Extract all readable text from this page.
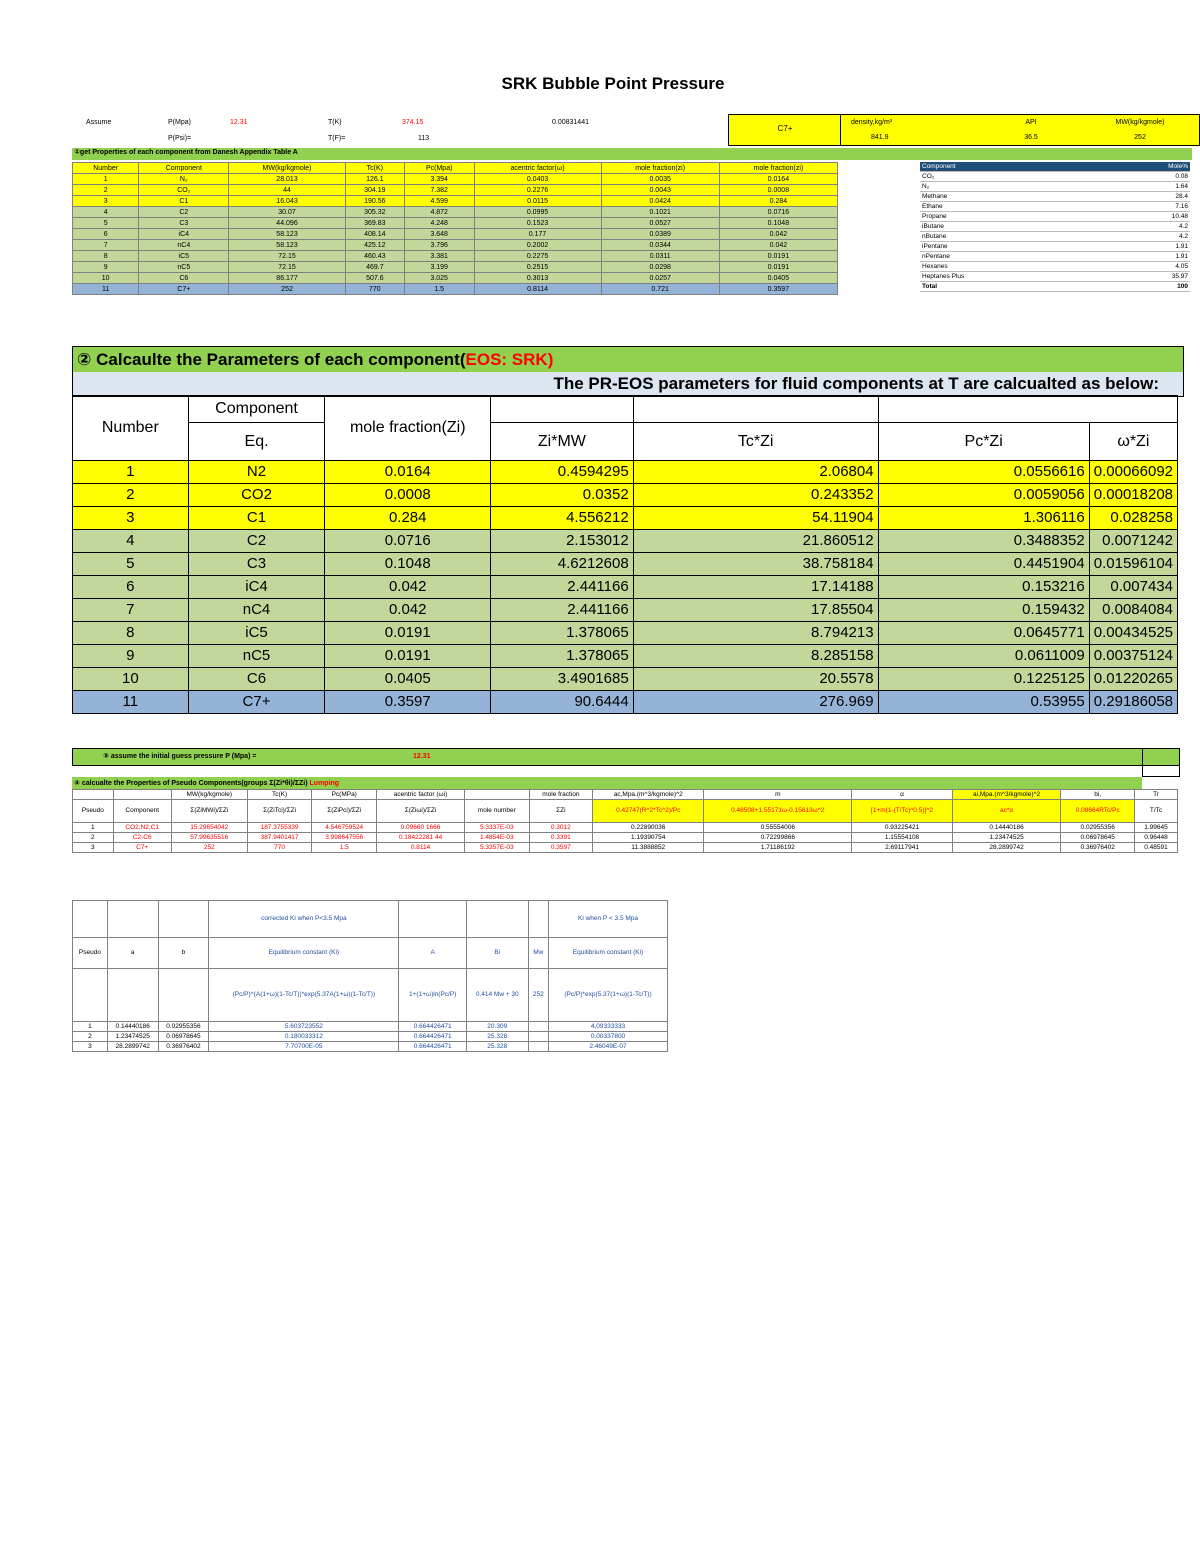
SRK Bubble Point Pressure
Assume	P(Mpa)	12.31
P(Psi)=
T(K)	374.15
T(F)=	113
0.00831441
C7+
density,kg/m³
841.9
API
36.5
MW(kg/kgmole)
252
①get Properties of each component from Danesh Appendix Table A
Number	Component	MW(kg/kgmole)	Tc(K)	Pc(Mpa)	acentric factor(ω)	mole fraction(zi)	mole fraction(zi)
1	N₂	28.013	126.1	3.394	0.0403	0.0035	0.0164
2	CO₂	44	304.19	7.382	0.2276	0.0043	0.0008
3	C1	16.043	190.56	4.599	0.0115	0.0424	0.284
4	C2	30.07	305.32	4.872	0.0995	0.1021	0.0716
5	C3	44.096	369.83	4.248	0.1523	0.0527	0.1048
6	iC4	58.123	408.14	3.648	0.177	0.0389	0.042
7	nC4	58.123	425.12	3.796	0.2002	0.0344	0.042
8	iC5	72.15	460.43	3.381	0.2275	0.0311	0.0191
9	nC5	72.15	469.7	3.199	0.2515	0.0298	0.0191
10	C6	86.177	507.6	3.025	0.3013	0.0257	0.0405
11	C7+	252	770	1.5	0.8114	0.721	0.3597
Component	Mole%
CO₂	0.08
N₂	1.64
Methane	28.4
Ethane	7.16
Propane	10.48
iButane	4.2
nButane	4.2
iPentane	1.91
nPentane	1.91
Hexanes	4.05
Heptanes Plus	35.97
Total	100
② Calcaulte the Parameters of each component(EOS: SRK)
The PR-EOS parameters for fluid components at T are calcualted as below:
Number	Component	mole fraction(Zi)				
	Eq.		Zi*MW	Tc*Zi	Pc*Zi	ω*Zi
1	N2	0.0164	0.4594295	2.06804	0.0556616	0.00066092
2	CO2	0.0008	0.0352	0.243352	0.0059056	0.00018208
3	C1	0.284	4.556212	54.11904	1.306116	0.028258
4	C2	0.0716	2.153012	21.860512	0.3488352	0.0071242
5	C3	0.1048	4.6212608	38.758184	0.4451904	0.01596104
6	iC4	0.042	2.441166	17.14188	0.153216	0.007434
7	nC4	0.042	2.441166	17.85504	0.159432	0.0084084
8	iC5	0.0191	1.378065	8.794213	0.0645771	0.00434525
9	nC5	0.0191	1.378065	8.285158	0.0611009	0.00375124
10	C6	0.0405	3.4901685	20.5578	0.1225125	0.01220265
11	C7+	0.3597	90.6444	276.969	0.53955	0.29186058
⑤ assume the initial guess pressure P (Mpa) =	12.31
④ calcualte the Properties of Pseudo Components(groups Σ(Zi*θi)/ΣZi) Lumping
		MW(kg/kgmole)	Tc(K)	Pc(MPa)	acentric factor (ωi)		mole fraction	ac,Mpa.(m^3/kgmole)^2	m	α	ai,Mpa.(m^3/kgmole)^2	bi,	Tr
Pseudo	Component	Σ(ZiMWi)/ΣZi	Σ(ZiTci)/ΣZi	Σ(ZiPci)/ΣZi	Σ(Ziωi)/ΣZi	mole number	ΣZi	0.42747(R^2*Tc^2)/Pc	0.48508+1.55171ω-0.15613ω^2	[1+m(1-(T/Tc)^0.5)]^2	ac*α	0.08664RTc/Pc	T/Tc
1	CO2,N2,C1	15.29654042	187.3755339	4.546759524	0.09660 1666	5.3337E-03	0.3012	0.22890036	0.55554006	0.93225421	0.14440186	0.02955356	1.99645
2	C2-C6	57.99635516	387.9401417	3.998647556	0.18422281 44	1.4854E-03	0.3391	1.19390754	0.72299866	1.15554108	1.23474525	0.06978645	0.96448
3	C7+	252	770	1.5	0.8114	5.3357E-03	0.3597	11.3888852	1.71186192	2.69117941	28.2899742	0.36976402	0.48591
			corrected Ki when P<3.5 Mpa				Ki when P < 3.5 Mpa
Pseudo	a	b	Equilibrium constant (Ki)	A	Bi	Mw	Equilibrium constant (Ki)
			(Pc/P)^(A(1+ω)(1-Tc/T))*exp(5.37A(1+ω)(1-Tc/T))	1+(1+ω)ln(Pc/P)	0.414 Mw + 30	252	(Pc/P)*exp(5.37(1+ω)(1-Tc/T))
1	0.14440186	0.02955356	5.603723552	0.664426471	20.309		4.09333333
2	1.23474525	0.06978645	0.180033312	0.664426471	25.328		0.00337800
3	28.2899742	0.36976402	7.70700E-05	0.664426471	25.328		2.46049E-07
